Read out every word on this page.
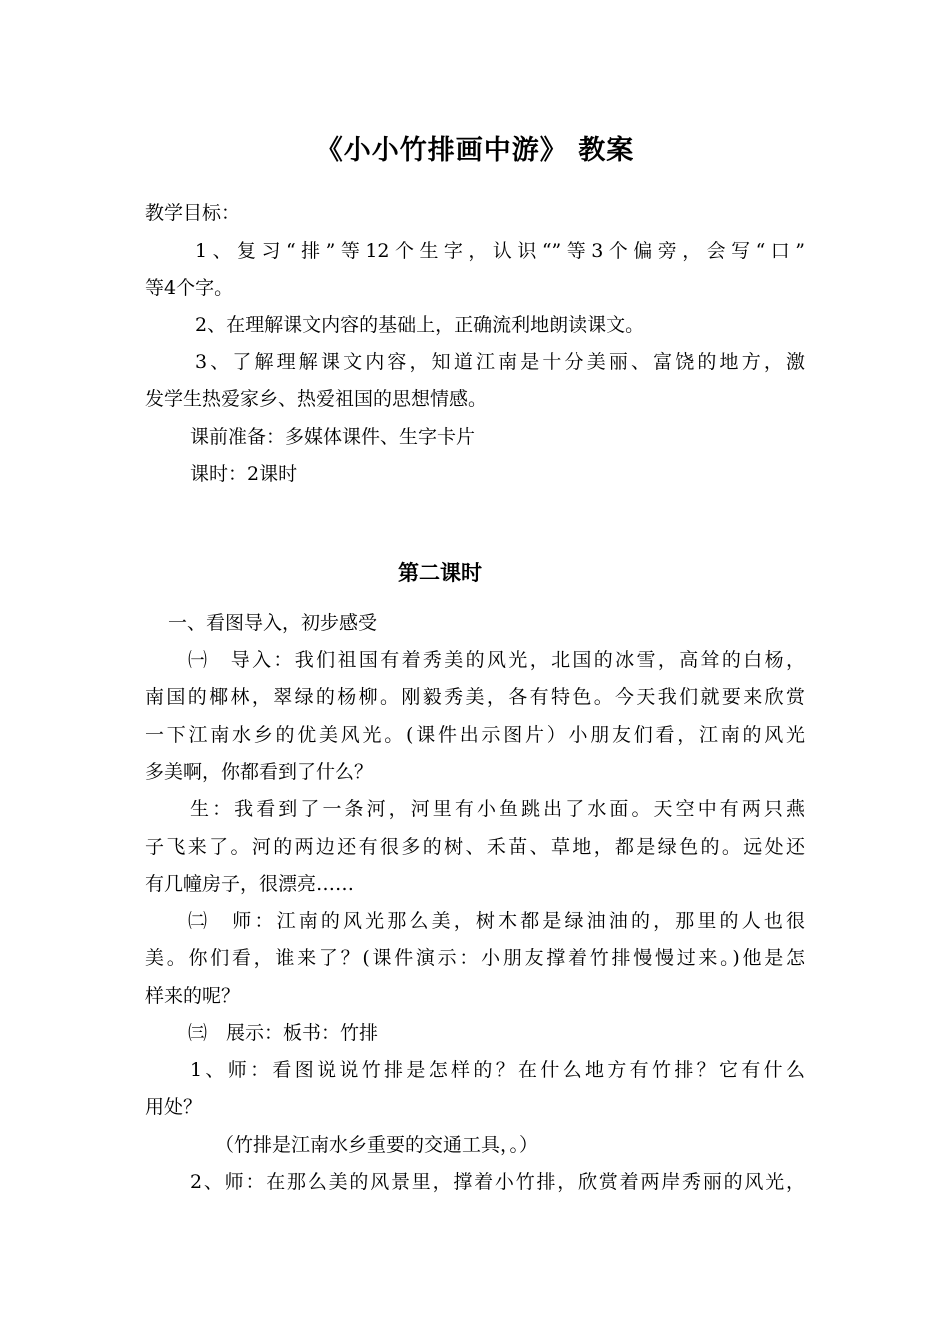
《小小竹排画中游》 教案
教学目标：
1、复习“排”等12个生字，认识“”等3个偏旁，会写“口”
等4个字。
2、在理解课文内容的基础上，正确流利地朗读课文。
3、了解理解课文内容，知道江南是十分美丽、富饶的地方，激
发学生热爱家乡、热爱祖国的思想情感。
课前准备：多媒体课件、生字卡片
课时：2课时
第二课时
一、看图导入，初步感受
㈠　导入：我们祖国有着秀美的风光，北国的冰雪，高耸的白杨，
南国的椰林，翠绿的杨柳。刚毅秀美，各有特色。今天我们就要来欣赏
一下江南水乡的优美风光。(课件出示图片）小朋友们看，江南的风光
多美啊，你都看到了什么？
生：我看到了一条河，河里有小鱼跳出了水面。天空中有两只燕
子飞来了。河的两边还有很多的树、禾苗、草地，都是绿色的。远处还
有几幢房子，很漂亮……
㈡　师：江南的风光那么美，树木都是绿油油的，那里的人也很
美。你们看，谁来了？(课件演示：小朋友撑着竹排慢慢过来。)他是怎
样来的呢？
㈢　展示：板书：竹排
1、师：看图说说竹排是怎样的？在什么地方有竹排？它有什么
用处？
（竹排是江南水乡重要的交通工具，。）
2、师：在那么美的风景里，撑着小竹排，欣赏着两岸秀丽的风光，
